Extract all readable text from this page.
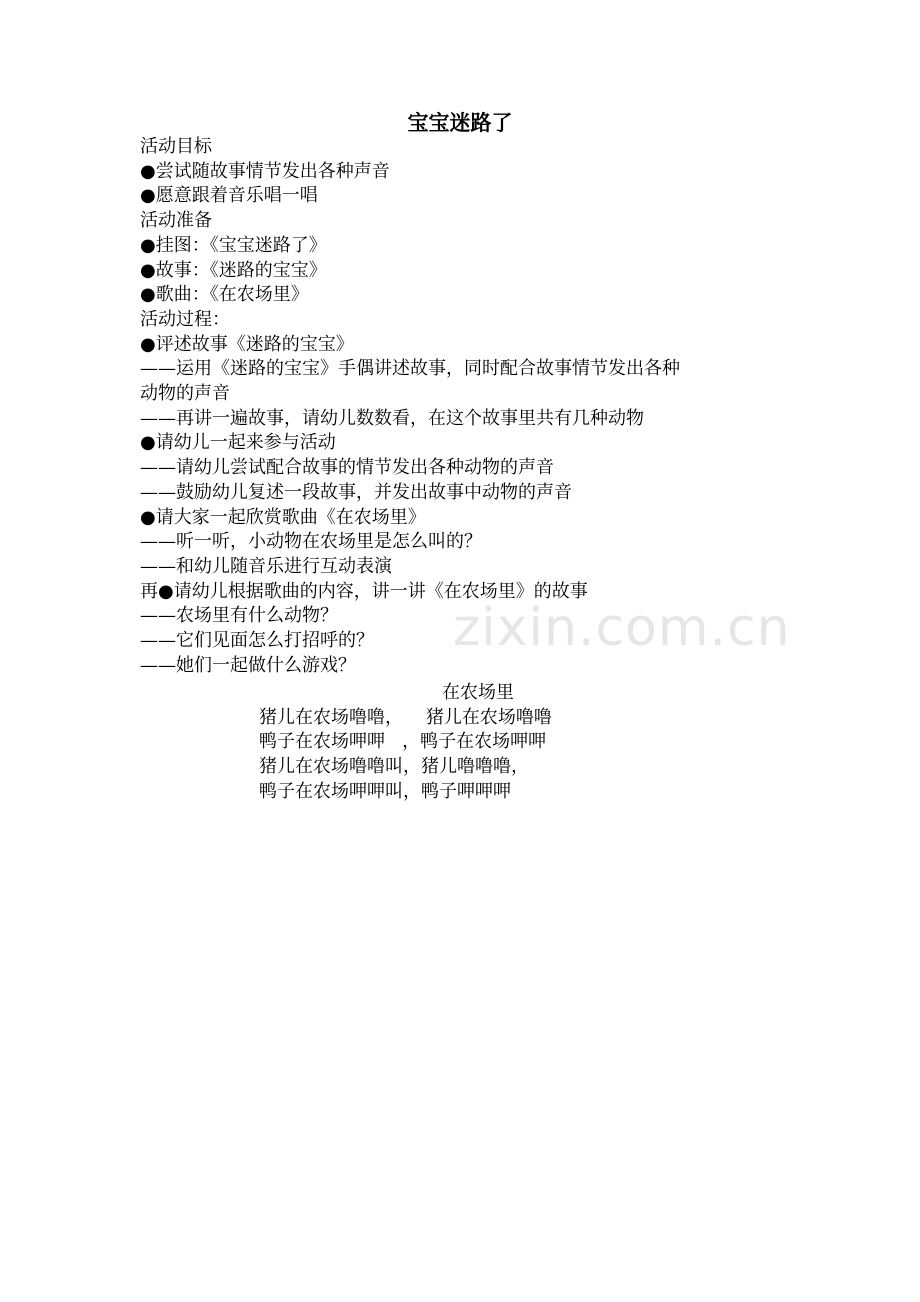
宝宝迷路了
活动目标
●尝试随故事情节发出各种声音
●愿意跟着音乐唱一唱
活动准备
●挂图：《宝宝迷路了》
●故事：《迷路的宝宝》
●歌曲：《在农场里》
活动过程：
●评述故事《迷路的宝宝》
——运用《迷路的宝宝》手偶讲述故事，同时配合故事情节发出各种
动物的声音
——再讲一遍故事，请幼儿数数看，在这个故事里共有几种动物
●请幼儿一起来参与活动
——请幼儿尝试配合故事的情节发出各种动物的声音
——鼓励幼儿复述一段故事，并发出故事中动物的声音
●请大家一起欣赏歌曲《在农场里》
——听一听，小动物在农场里是怎么叫的？
——和幼儿随音乐进行互动表演
再●请幼儿根据歌曲的内容，讲一讲《在农场里》的故事
——农场里有什么动物？
——它们见面怎么打招呼的？
——她们一起做什么游戏？
在农场里
猪儿在农场噜噜，    猪儿在农场噜噜
鸭子在农场呷呷   ，鸭子在农场呷呷
猪儿在农场噜噜叫，猪儿噜噜噜，
鸭子在农场呷呷叫，鸭子呷呷呷
zixin.com.cn
